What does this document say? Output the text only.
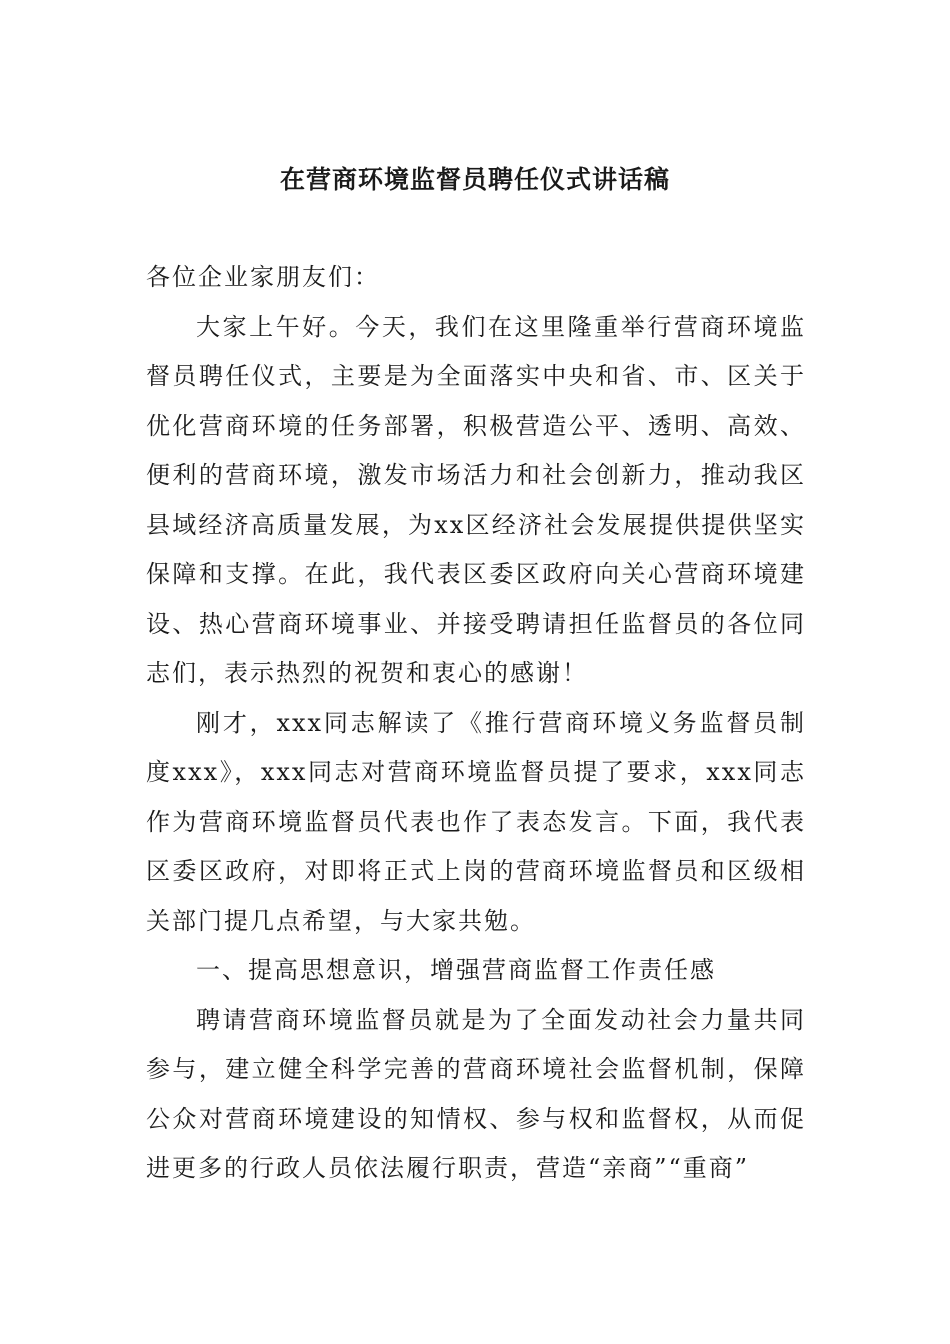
在营商环境监督员聘任仪式讲话稿

各位企业家朋友们：

大家上午好。今天，我们在这里隆重举行营商环境监督员聘任仪式，主要是为全面落实中央和省、市、区关于优化营商环境的任务部署，积极营造公平、透明、高效、便利的营商环境，激发市场活力和社会创新力，推动我区县域经济高质量发展，为xx区经济社会发展提供提供坚实保障和支撑。在此，我代表区委区政府向关心营商环境建设、热心营商环境事业、并接受聘请担任监督员的各位同志们，表示热烈的祝贺和衷心的感谢！

刚才，xxx同志解读了《推行营商环境义务监督员制度xxx》，xxx同志对营商环境监督员提了要求，xxx同志作为营商环境监督员代表也作了表态发言。下面，我代表区委区政府，对即将正式上岗的营商环境监督员和区级相关部门提几点希望，与大家共勉。

一、提高思想意识，增强营商监督工作责任感

聘请营商环境监督员就是为了全面发动社会力量共同参与，建立健全科学完善的营商环境社会监督机制，保障公众对营商环境建设的知情权、参与权和监督权，从而促进更多的行政人员依法履行职责，营造“亲商”“重商”
